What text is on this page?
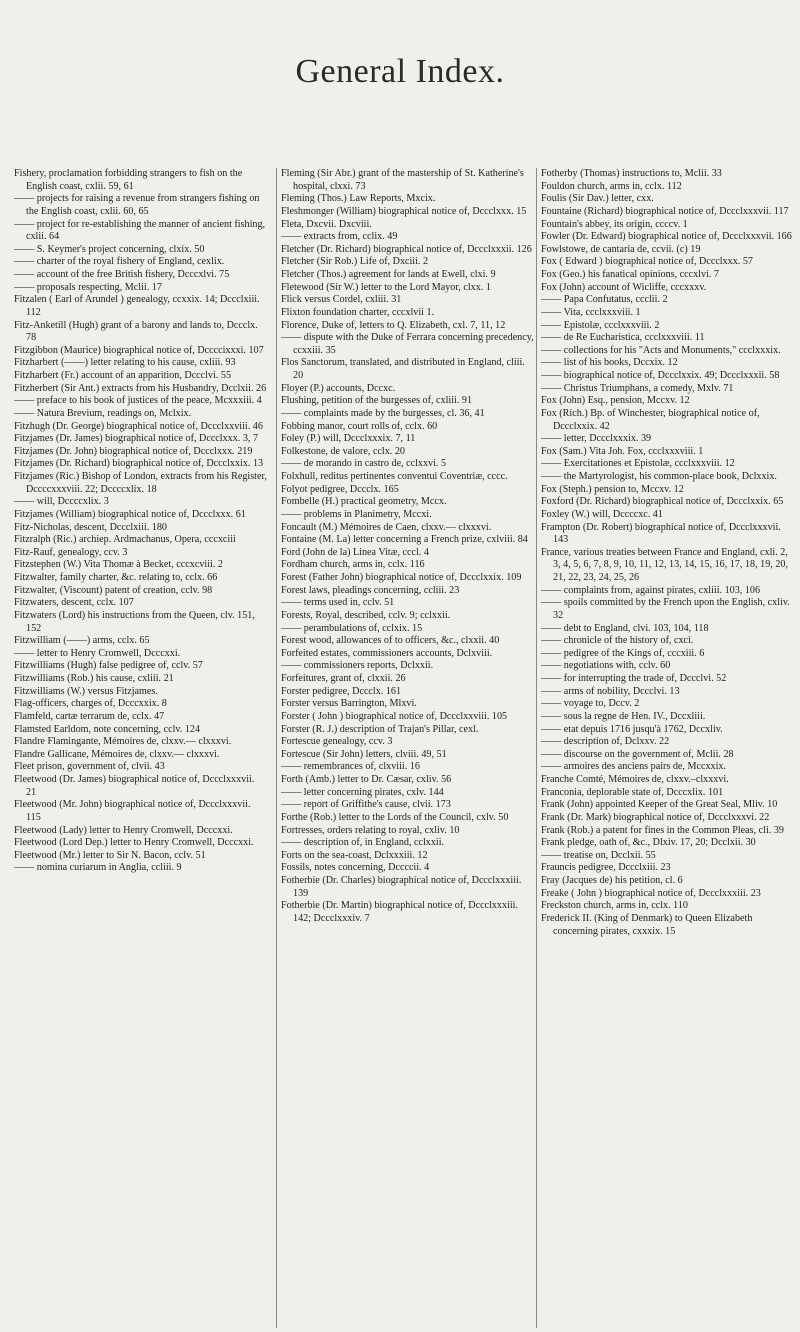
General Index.

Fishery, proclamation forbidding strangers to fish on the English coast, cxlii. 59, 61

—— projects for raising a revenue from strangers fishing on the English coast, cxlii. 60, 65

—— project for re-establishing the manner of ancient fishing, cxlii. 64

—— S. Keymer's project concerning, clxix. 50

—— charter of the royal fishery of England, cexlix.

—— account of the free British fishery, Dcccxlvi. 75

—— proposals respecting, Mclii. 17

Fitzalen ( Earl of Arundel ) genealogy, ccxxix. 14; Dccclxiii. 112

Fitz-Anketill (Hugh) grant of a barony and lands to, Dccclx. 78

Fitzgibbon (Maurice) biographical notice of, Dccccixxxi. 107

Fitzharbert (——) letter relating to his cause, cxliii. 93

Fitzharbert (Fr.) account of an apparition, Dccclvi. 55

Fitzherbert (Sir Ant.) extracts from his Husbandry, Dcclxii. 26

—— preface to his book of justices of the peace, Mcxxxiii. 4

—— Natura Brevium, readings on, Mclxix.

Fitzhugh (Dr. George) biographical notice of, Dccclxxviii. 46

Fitzjames (Dr. James) biographical notice of, Dccclxxx. 3, 7

Fitzjames (Dr. John) biographical notice of, Dccclxxx. 219

Fitzjames (Dr. Richard) biographical notice of, Dccclxxix. 13

Fitzjames (Ric.) Bishop of London, extracts from his Register, Dccccxxxviii. 22; Dccccxlix. 18

—— will, Dccccxlix. 3

Fitzjames (William) biographical notice of, Dccclxxx. 61

Fitz-Nicholas, descent, Dccclxiii. 180

Fitzralph (Ric.) archiep. Ardmachanus, Opera, cccxciii

Fitz-Rauf, genealogy, ccv. 3

Fitzstephen (W.) Vita Thomæ à Becket, cccxcviii. 2

Fitzwalter, family charter, &c. relating to, cclx. 66

Fitzwalter, (Viscount) patent of creation, cclv. 98

Fitzwaters, descent, cclx. 107

Fitzwaters (Lord) his instructions from the Queen, clv. 151, 152

Fitzwilliam (——) arms, cclx. 65

—— letter to Henry Cromwell, Dcccxxi.

Fitzwilliams (Hugh) false pedigree of, cclv. 57

Fitzwilliams (Rob.) his cause, cxliii. 21

Fitzwilliams (W.) versus Fitzjames.

Flag-officers, charges of, Dcccxxix. 8

Flamfeld, cartæ terrarum de, cclx. 47

Flamsted Earldom, note concerning, cclv. 124

Flandre Flamingante, Mémoires de, clxxv.— clxxxvi.

Flandre Gallicane, Mémoires de, clxxv.— clxxxvi.

Fleet prison, government of, clvii. 43

Fleetwood (Dr. James) biographical notice of, Dccclxxxvii. 21

Fleetwood (Mr. John) biographical notice of, Dccclxxxvii. 115

Fleetwood (Lady) letter to Henry Cromwell, Dcccxxi.

Fleetwood (Lord Dep.) letter to Henry Cromwell, Dcccxxi.

Fleetwood (Mr.) letter to Sir N. Bacon, cclv. 51

—— nomina curiarum in Anglia, ccliii. 9

Fleming (Sir Abr.) grant of the mastership of St. Katherine's hospital, clxxi. 73

Fleming (Thos.) Law Reports, Mxcix.

Fleshmonger (William) biographical notice of, Dccclxxx. 15

Fleta, Dxcvii. Dxcviii.

—— extracts from, cclix. 49

Fletcher (Dr. Richard) biographical notice of, Dccclxxxii. 126

Fletcher (Sir Rob.) Life of, Dxciii. 2

Fletcher (Thos.) agreement for lands at Ewell, clxi. 9

Fletewood (Sir W.) letter to the Lord Mayor, clxx. 1

Flick versus Cordel, cxliii. 31

Flixton foundation charter, cccxlvii 1.

Florence, Duke of, letters to Q. Elizabeth, cxl. 7, 11, 12

—— dispute with the Duke of Ferrara concerning precedency, ccxxiii. 35

Flos Sanctorum, translated, and distributed in England, cliii. 20

Floyer (P.) accounts, Dccxc.

Flushing, petition of the burgesses of, cxliii. 91

—— complaints made by the burgesses, cl. 36, 41

Fobbing manor, court rolls of, cclx. 60

Foley (P.) will, Dccclxxxix. 7, 11

Folkestone, de valore, cclx. 20

—— de morando in castro de, cclxxvi. 5

Folxhull, reditus pertinentes conventui Coventriæ, cccc.

Folyot pedigree, Dccclx. 165

Fombelle (H.) practical geometry, Mccx.

—— problems in Planimetry, Mccxi.

Foncault (M.) Mémoires de Caen, clxxv.— clxxxvi.

Fontaine (M. La) letter concerning a French prize, cxlviii. 84

Ford (John de la) Linea Vitæ, cccl. 4

Fordham church, arms in, cclx. 116

Forest (Father John) biographical notice of, Dccclxxix. 109

Forest laws, pleadings concerning, ccliii. 23

—— terms used in, cclv. 51

Forests, Royal, described, cclv. 9; cclxxii.

—— perambulations of, cclxix. 15

Forest wood, allowances of to officers, &c., clxxii. 40

Forfeited estates, commissioners accounts, Dclxviii.

—— commissioners reports, Dclxxii.

Forfeitures, grant of, clxxii. 26

Forster pedigree, Dccclx. 161

Forster versus Barrington, Mlxvi.

Forster ( John ) biographical notice of, Dccclxxviii. 105

Forster (R. J.) description of Trajan's Pillar, cexl.

Fortescue genealogy, ccv. 3

Fortescue (Sir John) letters, clviii. 49, 51

—— remembrances of, clxviii. 16

Forth (Amb.) letter to Dr. Cæsar, cxliv. 56

—— letter concerning pirates, cxlv. 144

—— report of Griffithe's cause, clvii. 173

Forthe (Rob.) letter to the Lords of the Council, cxlv. 50

Fortresses, orders relating to royal, cxliv. 10

—— description of, in England, cclxxii.

Forts on the sea-coast, Dclxxxiii. 12

Fossils, notes concerning, Dccccii. 4

Fotherbie (Dr. Charles) biographical notice of, Dccclxxxiii. 139

Fotherbie (Dr. Martin) biographical notice of, Dccclxxxiii. 142; Dccclxxxiv. 7

Fotherby (Thomas) instructions to, Mclii. 33

Fouldon church, arms in, cclx. 112

Foulis (Sir Dav.) letter, cxx.

Fountaine (Richard) biographical notice of, Dccclxxxvii. 117

Fountain's abbey, its origin, ccccv. 1

Fowler (Dr. Edward) biographical notice of, Dccclxxxvii. 166

Fowlstowe, de cantaria de, ccvii. (c) 19

Fox ( Edward ) biographical notice of, Dccclxxx. 57

Fox (Geo.) his fanatical opinions, cccxlvi. 7

Fox (John) account of Wicliffe, cccxxxv.

—— Papa Confutatus, ccclii. 2

—— Vita, ccclxxxviii. 1

—— Epistolæ, ccclxxxviii. 2

—— de Re Eucharistica, ccclxxxviii. 11

—— collections for his "Acts and Monuments," ccclxxxix.

—— list of his books, Dccxix. 12

—— biographical notice of, Dccclxxix. 49; Dccclxxxii. 58

—— Christus Triumphans, a comedy, Mxlv. 71

Fox (John) Esq., pension, Mccxv. 12

Fox (Rich.) Bp. of Winchester, biographical notice of, Dccclxxix. 42

—— letter, Dccclxxxix. 39

Fox (Sam.) Vita Joh. Fox, ccclxxxviii. 1

—— Exercitationes et Epistolæ, ccclxxxviii. 12

—— the Martyrologist, his common-place book, Dclxxix.

Fox (Steph.) pension to, Mccxv. 12

Foxford (Dr. Richard) biographical notice of, Dccclxxix. 65

Foxley (W.) will, Dccccxc. 41

Frampton (Dr. Robert) biographical notice of, Dccclxxxvii. 143

France, various treaties between France and England, cxli. 2, 3, 4, 5, 6, 7, 8, 9, 10, 11, 12, 13, 14, 15, 16, 17, 18, 19, 20, 21, 22, 23, 24, 25, 26

—— complaints from, against pirates, cxliii. 103, 106

—— spoils committed by the French upon the English, cxliv. 32

—— debt to England, clvi. 103, 104, 118

—— chronicle of the history of, cxci.

—— pedigree of the Kings of, cccxiii. 6

—— negotiations with, cclv. 60

—— for interrupting the trade of, Dccclvi. 52

—— arms of nobility, Dccclvi. 13

—— voyage to, Dccv. 2

—— sous la regne de Hen. IV., Dccxliii.

—— etat depuis 1716 jusqu'à 1762, Dccxliv.

—— description of, Dclxxv. 22

—— discourse on the government of, Mclii. 28

—— armoires des anciens pairs de, Mccxxix.

Franche Comté, Mémoires de, clxxv.–clxxxvi.

Franconia, deplorable state of, Dcccxlix. 101

Frank (John) appointed Keeper of the Great Seal, Mliv. 10

Frank (Dr. Mark) biographical notice of, Dccclxxxvi. 22

Frank (Rob.) a patent for fines in the Common Pleas, cli. 39

Frank pledge, oath of, &c., Dlxiv. 17, 20; Dcclxii. 30

—— treatise on, Dcclxii. 55

Frauncis pedigree, Dccclxiii. 23

Fray (Jacques de) his petition, cl. 6

Freake ( John ) biographical notice of, Dccclxxxiii. 23

Freckston church, arms in, cclx. 110

Frederick II. (King of Denmark) to Queen Elizabeth concerning pirates, cxxxix. 15
